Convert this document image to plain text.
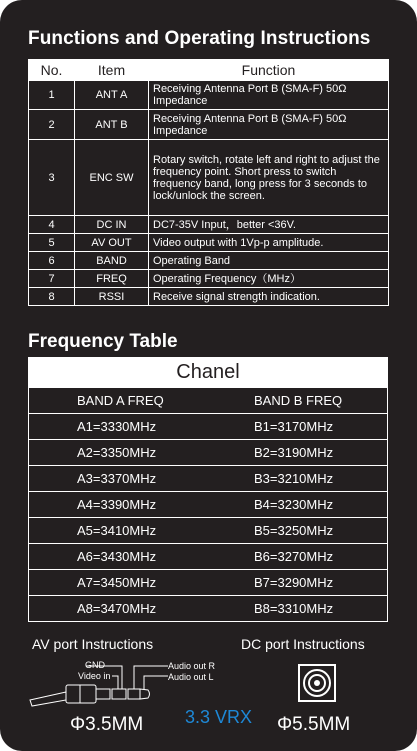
Functions and Operating Instructions
No.	Item	Function
1	ANT A	Receiving Antenna Port B (SMA-F) 50Ω Impedance
2	ANT B	Receiving Antenna Port B (SMA-F) 50Ω Impedance
3	ENC SW	Rotary switch, rotate left and right to adjust the frequency point. Short press to switch frequency band, long press for 3 seconds to lock/unlock the screen.
4	DC IN	DC7-35V Input，better <36V.
5	AV OUT	Video output with 1Vp-p amplitude.
6	BAND	Operating Band
7	FREQ	Operating Frequency（MHz）
8	RSSI	Receive signal strength indication.
Frequency Table
Chanel
BAND A FREQ	BAND B FREQ
A1=3330MHz	B1=3170MHz
A2=3350MHz	B2=3190MHz
A3=3370MHz	B3=3210MHz
A4=3390MHz	B4=3230MHz
A5=3410MHz	B5=3250MHz
A6=3430MHz	B6=3270MHz
A7=3450MHz	B7=3290MHz
A8=3470MHz	B8=3310MHz
AV port Instructions
GND
Video in
Audio out R
Audio out L
Φ3.5MM 3.3 VRX
DC port Instructions
Φ5.5MM
